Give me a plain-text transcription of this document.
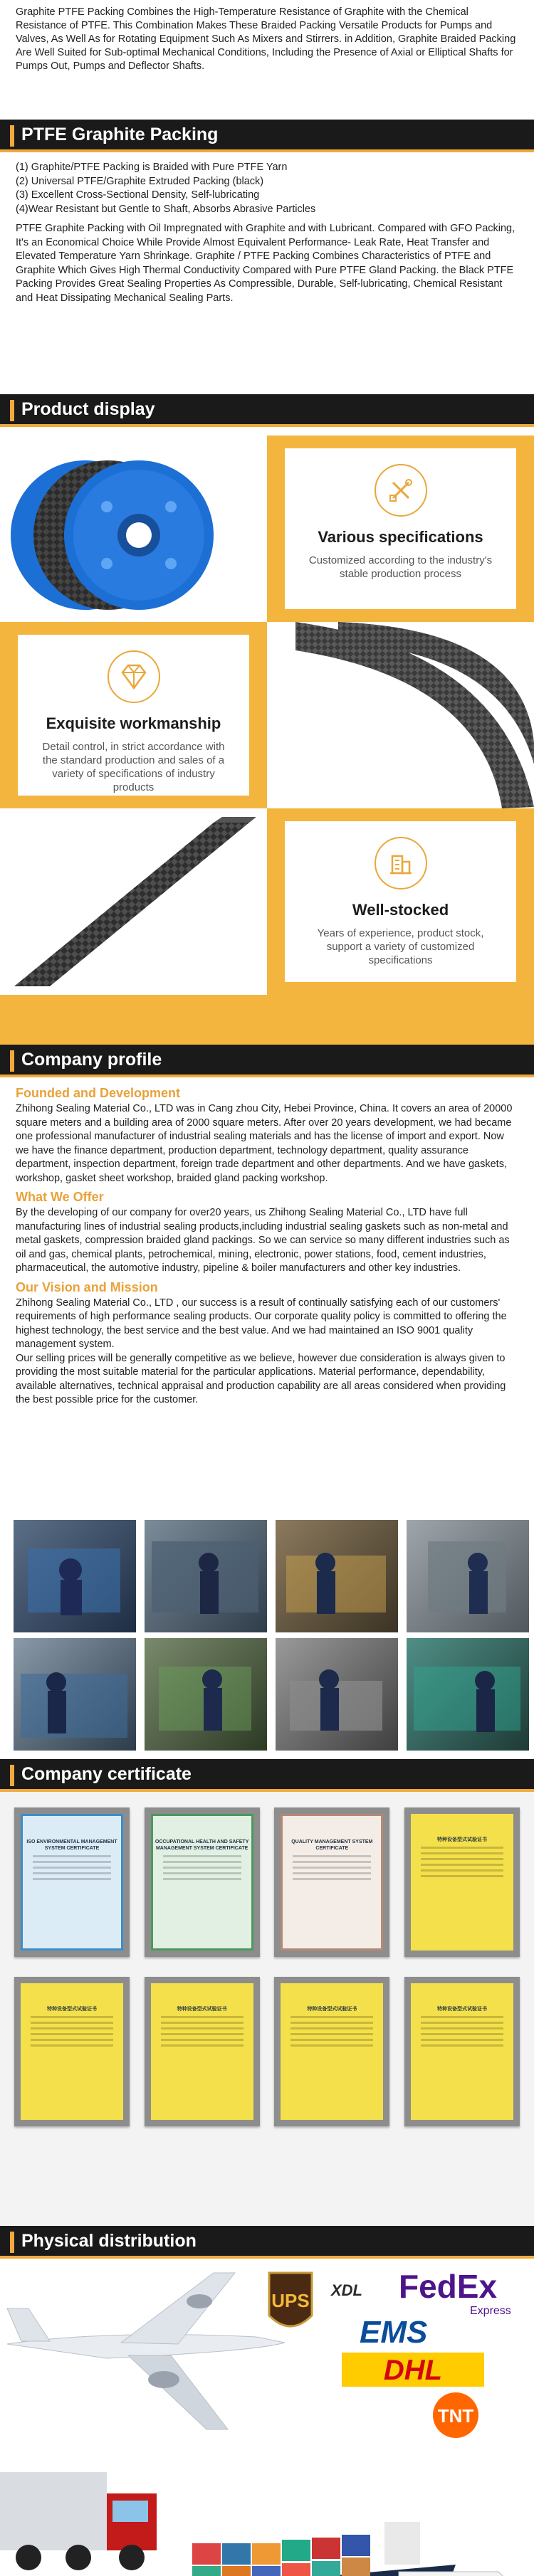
Graphite PTFE Packing Combines the High-Temperature Resistance of Graphite with the Chemical Resistance of PTFE. This Combination Makes These Braided Packing Versatile Products for Pumps and Valves, As Well As for Rotating Equipment Such As Mixers and Stirrers. in Addition, Graphite Braided Packing Are Well Suited for Sub-optimal Mechanical Conditions, Including the Presence of Axial or Elliptical Shafts for Pumps Out, Pumps and Deflector Shafts.

PTFE Graphite Packing
(1) Graphite/PTFE Packing is Braided with Pure PTFE Yarn
(2) Universal PTFE/Graphite Extruded Packing (black)
(3) Excellent Cross-Sectional Density, Self-lubricating
(4)Wear Resistant but Gentle to Shaft, Absorbs Abrasive Particles
PTFE Graphite Packing with Oil Impregnated with Graphite and with Lubricant. Compared with GFO Packing, It's an Economical Choice While Provide Almost Equivalent Performance- Leak Rate, Heat Transfer and Elevated Temperature Yarn Shrinkage. Graphite / PTFE Packing Combines Characteristics of PTFE and Graphite Which Gives High Thermal Conductivity Compared with Pure PTFE Gland Packing. the Black PTFE Packing Provides Great Sealing Properties As Compressible, Durable, Self-lubricating, Chemical Resistant and Heat Dissipating Mechanical Sealing Parts.
Product display
Various specifications
Customized according to the industry's stable production process
Exquisite workmanship
Detail control, in strict accordance with the standard production and sales of a variety of specifications of industry products
Well-stocked
Years of experience, product stock, support a variety of customized specifications
Company profile
Founded and Development

Zhihong Sealing Material Co., LTD was in Cang zhou City, Hebei Province, China. It covers an area of 20000 square meters and a building area of 2000 square meters. After over 20 years development, we had became one professional manufacturer of industrial sealing materials and has the license of import and export. Now we have the finance department, production department, technology department, quality assurance department, inspection department, foreign trade department and other departments. And we have gaskets, workshop, gasket sheet workshop, braided gland packing workshop.

What We Offer

By the developing of our company for over20 years, us Zhihong Sealing Material Co., LTD have full manufacturing lines of industrial sealing products,including industrial sealing gaskets such as non-metal and metal gaskets, compression braided gland packings. So we can service so many different industries such as oil and gas, chemical plants, petrochemical, mining, electronic, power stations, food, cement industries, pharmaceutical, the automotive industry, pipeline & boiler manufacturers and other key industries.

Our Vision and Mission

Zhihong Sealing Material Co., LTD , our success is a result of continually satisfying each of our customers' requirements of high performance sealing products. Our corporate quality policy is committed to offering the highest technology, the best service and the best value. And we had maintained an ISO 9001 quality management system.

Our selling prices will be generally competitive as we believe, however due consideration is always given to providing the most suitable material for the particular applications. Material performance, dependability, available alternatives, technical appraisal and production capability are all areas considered when providing the best possible price for the customer.

Company certificate
ISO ENVIRONMENTAL MANAGEMENT SYSTEM CERTIFICATE
OCCUPATIONAL HEALTH AND SAFETY MANAGEMENT SYSTEM CERTIFICATE
QUALITY MANAGEMENT SYSTEM CERTIFICATE
特种设备型式试验证书
特种设备型式试验证书	特种设备型式试验证书	特种设备型式试验证书	特种设备型式试验证书
Physical distribution
UPS XDL FedEx
Express
EMS
DHL
TNT
